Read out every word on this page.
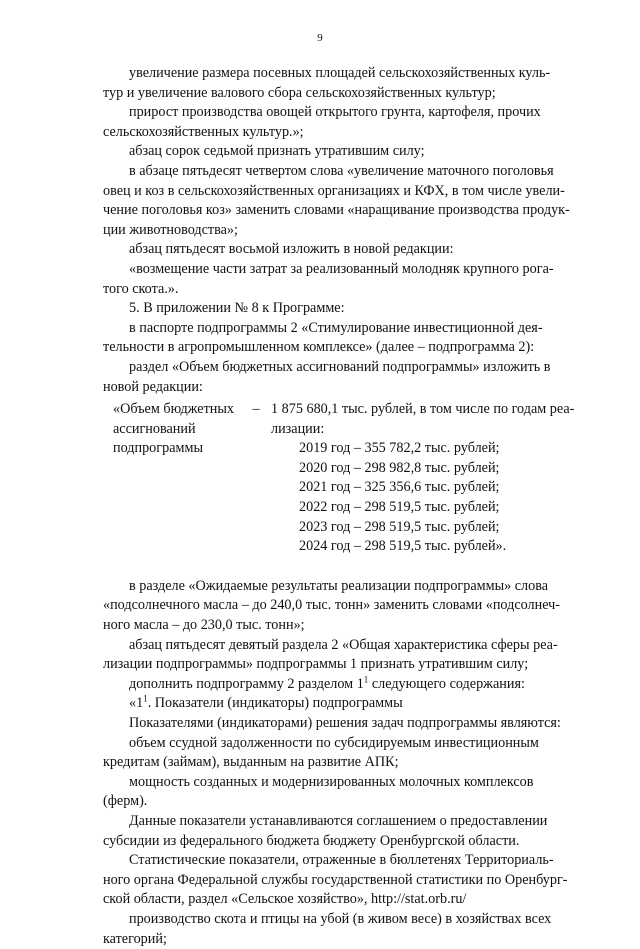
9
увеличение размера посевных площадей сельскохозяйственных куль-
тур и увеличение валового сбора сельскохозяйственных культур;
прирост производства овощей открытого грунта, картофеля, прочих
сельскохозяйственных культур.»;
абзац сорок седьмой признать утратившим силу;
в абзаце пятьдесят четвертом слова «увеличение маточного поголовья
овец и коз в сельскохозяйственных организациях и КФХ, в том числе увели-
чение поголовья коз» заменить словами «наращивание производства продук-
ции животноводства»;
абзац пятьдесят восьмой изложить в новой редакции:
«возмещение части затрат за реализованный молодняк крупного рога-
того скота.».
5. В приложении № 8 к Программе:
в паспорте подпрограммы 2 «Стимулирование инвестиционной дея-
тельности в агропромышленном комплексе» (далее – подпрограмма 2):
раздел «Объем бюджетных ассигнований подпрограммы» изложить в
новой редакции:
«Объем бюджетных
ассигнований
подпрограммы
– 1 875 680,1 тыс. рублей, в том числе по годам реа-
лизации:
2019 год – 355 782,2 тыс. рублей;
2020 год – 298 982,8 тыс. рублей;
2021 год – 325 356,6 тыс. рублей;
2022 год – 298 519,5 тыс. рублей;
2023 год – 298 519,5 тыс. рублей;
2024 год – 298 519,5 тыс. рублей».
в разделе «Ожидаемые результаты реализации подпрограммы» слова
«подсолнечного масла – до 240,0 тыс. тонн» заменить словами «подсолнеч-
ного масла – до 230,0 тыс. тонн»;
абзац пятьдесят девятый раздела 2 «Общая характеристика сферы реа-
лизации подпрограммы» подпрограммы 1 признать утратившим силу;
дополнить подпрограмму 2 разделом $1^1$ следующего содержания:
«$1^1$. Показатели (индикаторы) подпрограммы
Показателями (индикаторами) решения задач подпрограммы являются:
объем ссудной задолженности по субсидируемым инвестиционным
кредитам (займам), выданным на развитие АПК;
мощность созданных и модернизированных молочных комплексов
(ферм).
Данные показатели устанавливаются соглашением о предоставлении
субсидии из федерального бюджета бюджету Оренбургской области.
Статистические показатели, отраженные в бюллетенях Территориаль-
ного органа Федеральной службы государственной статистики по Оренбург-
ской области, раздел «Сельское хозяйство», http://stat.orb.ru/
производство скота и птицы на убой (в живом весе) в хозяйствах всех
категорий;
